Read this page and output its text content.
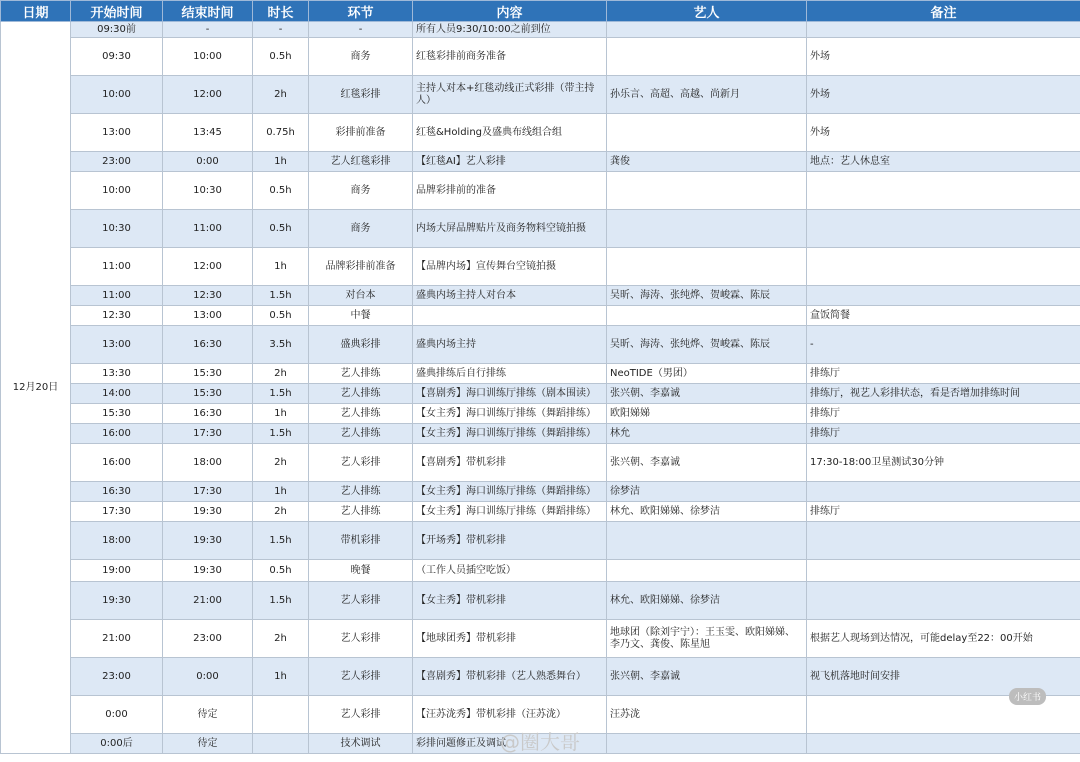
日期	开始时间	结束时间	时长	环节	内容	艺人	备注
12月20日	09:30前	-	-	-	所有人员9:30/10:00之前到位		
	09:30	10:00	0.5h	商务	红毯彩排前商务准备		外场
	10:00	12:00	2h	红毯彩排	主持人对本+红毯动线正式彩排（带主持人）	孙乐言、高超、高越、尚新月	外场
	13:00	13:45	0.75h	彩排前准备	红毯&Holding及盛典布线组合组		外场
	23:00	0:00	1h	艺人红毯彩排	【红毯AI】艺人彩排	龚俊	地点：艺人休息室
	10:00	10:30	0.5h	商务	品牌彩排前的准备		
	10:30	11:00	0.5h	商务	内场大屏品牌贴片及商务物料空镜拍摄		
	11:00	12:00	1h	品牌彩排前准备	【品牌内场】宣传舞台空镜拍摄		
	11:00	12:30	1.5h	对台本	盛典内场主持人对台本	吴昕、海涛、张纯烨、贺峻霖、陈辰	
	12:30	13:00	0.5h	中餐			盒饭简餐
	13:00	16:30	3.5h	盛典彩排	盛典内场主持	吴昕、海涛、张纯烨、贺峻霖、陈辰	-
	13:30	15:30	2h	艺人排练	盛典排练后自行排练	NeoTIDE（男团）	排练厅
	14:00	15:30	1.5h	艺人排练	【喜剧秀】海口训练厅排练（剧本围读）	张兴朝、李嘉诚	排练厅，视艺人彩排状态，看是否增加排练时间
	15:30	16:30	1h	艺人排练	【女主秀】海口训练厅排练（舞蹈排练）	欧阳娣娣	排练厅
	16:00	17:30	1.5h	艺人排练	【女主秀】海口训练厅排练（舞蹈排练）	林允	排练厅
	16:00	18:00	2h	艺人彩排	【喜剧秀】带机彩排	张兴朝、李嘉诚	17:30-18:00卫星测试30分钟
	16:30	17:30	1h	艺人排练	【女主秀】海口训练厅排练（舞蹈排练）	徐梦洁	
	17:30	19:30	2h	艺人排练	【女主秀】海口训练厅排练（舞蹈排练）	林允、欧阳娣娣、徐梦洁	排练厅
	18:00	19:30	1.5h	带机彩排	【开场秀】带机彩排		
	19:00	19:30	0.5h	晚餐	（工作人员插空吃饭）		
	19:30	21:00	1.5h	艺人彩排	【女主秀】带机彩排	林允、欧阳娣娣、徐梦洁	
	21:00	23:00	2h	艺人彩排	【地球团秀】带机彩排	地球团（除刘宇宁）：王玉雯、欧阳娣娣、李乃文、龚俊、陈星旭	根据艺人现场到达情况，可能delay至22：00开始
	23:00	0:00	1h	艺人彩排	【喜剧秀】带机彩排（艺人熟悉舞台）	张兴朝、李嘉诚	视飞机落地时间安排
	0:00	待定		艺人彩排	【汪苏泷秀】带机彩排（汪苏泷）	汪苏泷	
	0:00后	待定		技术调试	彩排问题修正及调试		
@圈大哥
小红书
